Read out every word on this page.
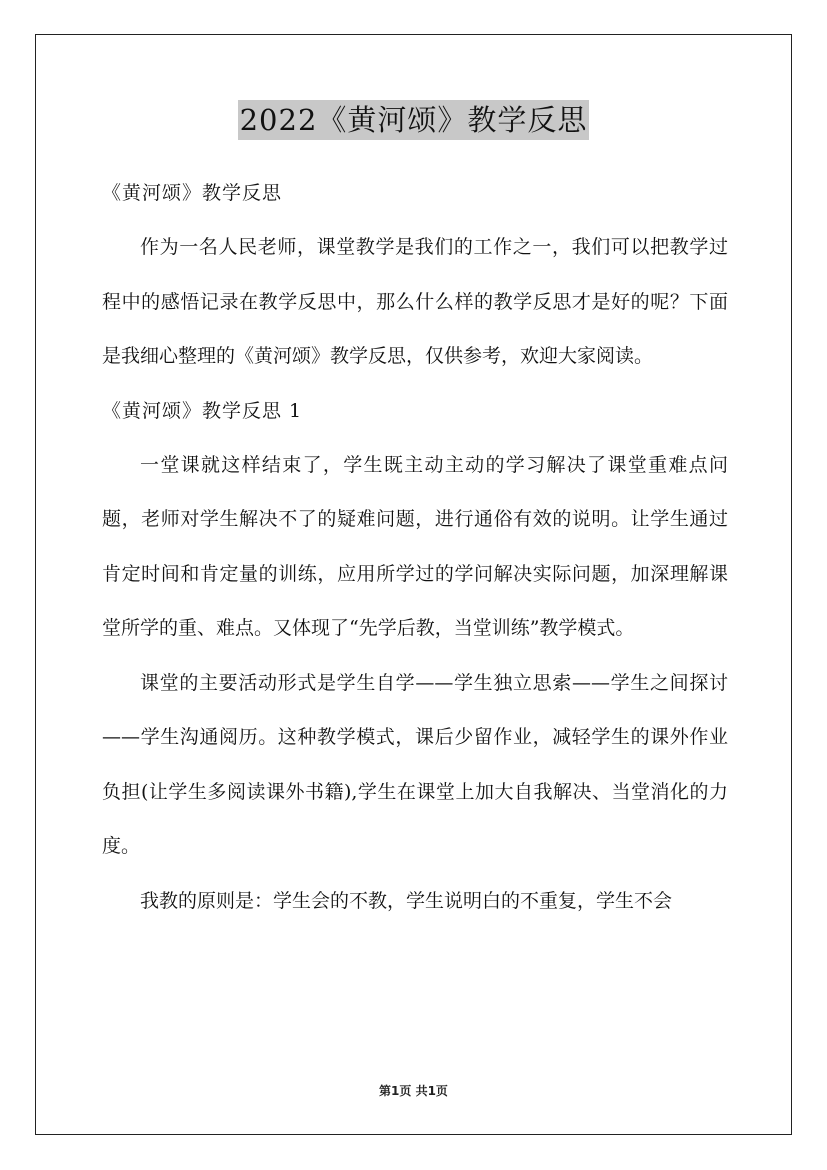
2022《黄河颂》教学反思

《黄河颂》教学反思

作为一名人民老师，课堂教学是我们的工作之一，我们可以把教学过程中的感悟记录在教学反思中，那么什么样的教学反思才是好的呢？下面是我细心整理的《黄河颂》教学反思，仅供参考，欢迎大家阅读。

《黄河颂》教学反思 1

一堂课就这样结束了，学生既主动主动的学习解决了课堂重难点问题，老师对学生解决不了的疑难问题，进行通俗有效的说明。让学生通过肯定时间和肯定量的训练，应用所学过的学问解决实际问题，加深理解课堂所学的重、难点。又体现了“先学后教，当堂训练”教学模式。

课堂的主要活动形式是学生自学——学生独立思索——学生之间探讨——学生沟通阅历。这种教学模式，课后少留作业，减轻学生的课外作业负担(让学生多阅读课外书籍),学生在课堂上加大自我解决、当堂消化的力度。

我教的原则是：学生会的不教，学生说明白的不重复，学生不会

第1页 共1页
